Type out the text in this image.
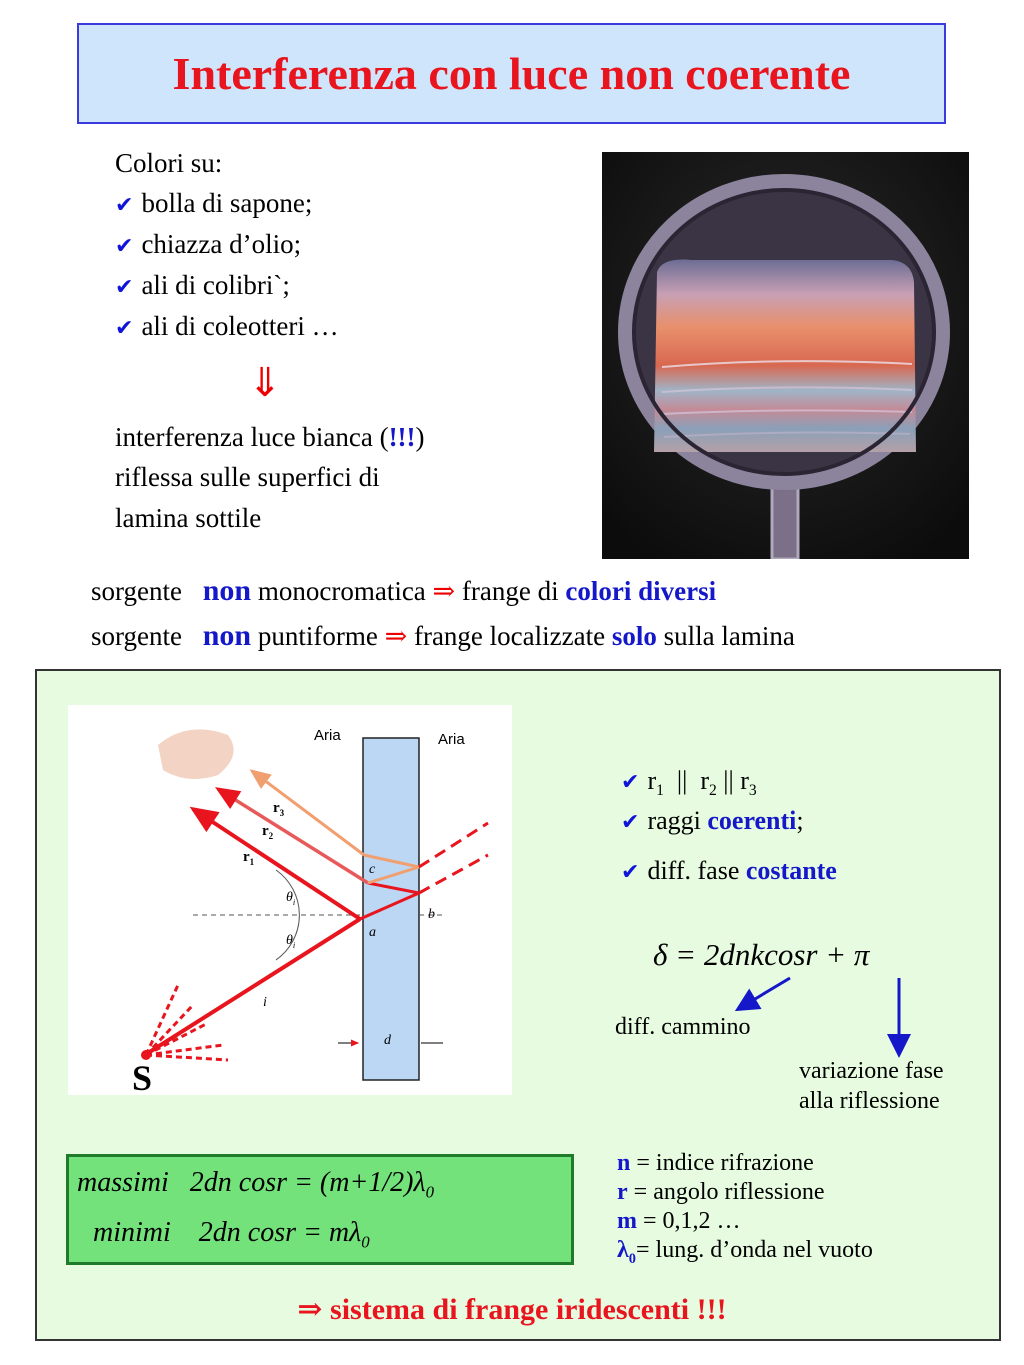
Interferenza con luce non coerente
Colori su:
✔ bolla di sapone;
✔ chiazza d’olio;
✔ ali di colibri`;
✔ ali di coleotteri …
⇓
interferenza luce bianca (!!!)
riflessa sulle superfici di
lamina sottile
sorgente non monocromatica ⇒ frange di colori diversi
sorgente non puntiforme ⇒ frange localizzate solo sulla lamina
Aria	Aria
$r_3$
$r_2$
$r_1$
$\theta_i$
$\theta_i$
a
b
c
d
i
S
✔ $r_1$ || $r_2$ || $r_3$
✔ raggi coerenti;
✔ diff. fase costante
δ = 2dnkcosr + π
diff. cammino
variazione fase
alla riflessione
massimi 2dn $\cos r = (m+1/2)\lambda_0$
minimi 2dn $\cos r = m\lambda_0$
n = indice rifrazione
r = angolo riflessione
m = 0,1,2 …
$\lambda_0=$ lung. d’onda nel vuoto
⇒ sistema di frange iridescenti !!!
